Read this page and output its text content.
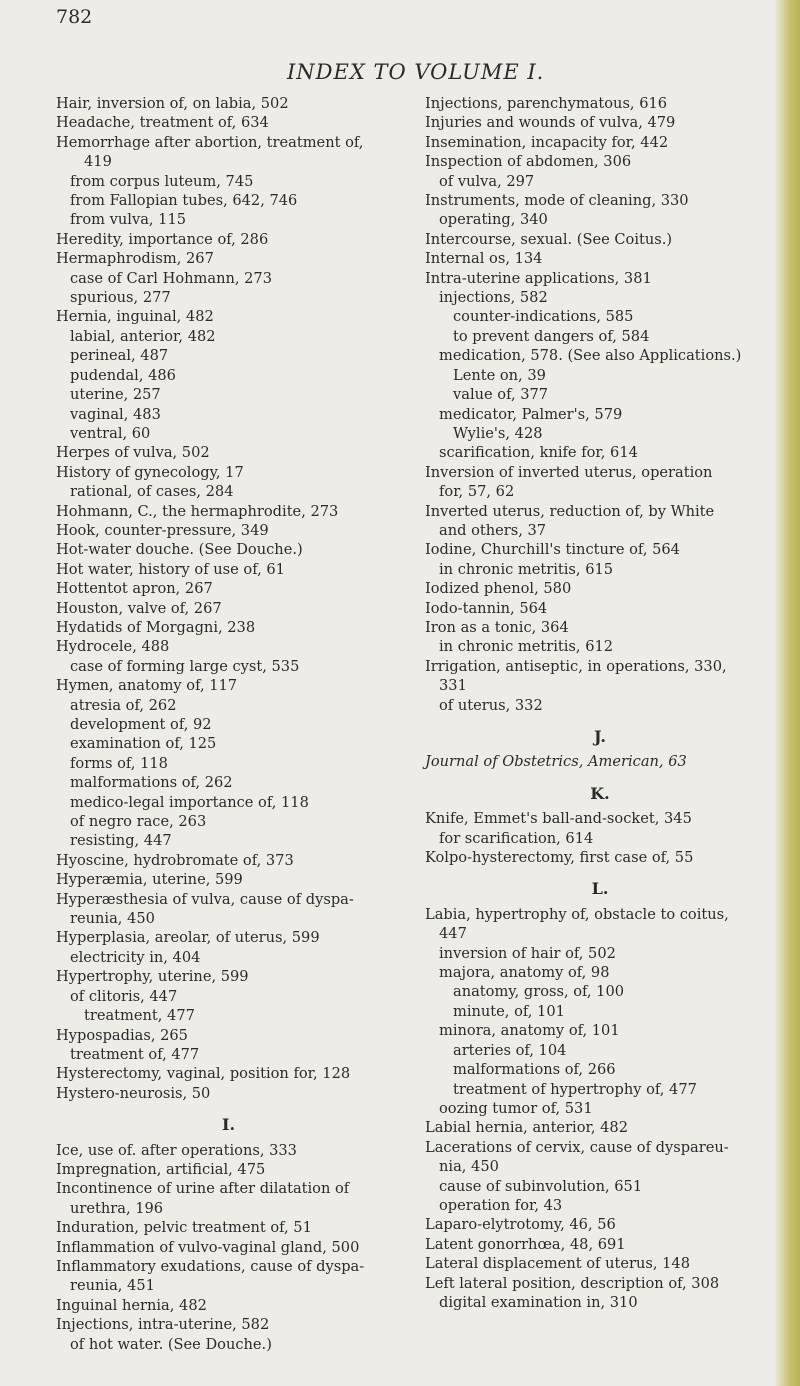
782
INDEX TO VOLUME I.
Hair, inversion of, on labia, 502
Headache, treatment of, 634
Hemorrhage after abortion, treatment of,
419
from corpus luteum, 745
from Fallopian tubes, 642, 746
from vulva, 115
Heredity, importance of, 286
Hermaphrodism, 267
case of Carl Hohmann, 273
spurious, 277
Hernia, inguinal, 482
labial, anterior, 482
perineal, 487
pudendal, 486
uterine, 257
vaginal, 483
ventral, 60
Herpes of vulva, 502
History of gynecology, 17
rational, of cases, 284
Hohmann, C., the hermaphrodite, 273
Hook, counter-pressure, 349
Hot-water douche. (See Douche.)
Hot water, history of use of, 61
Hottentot apron, 267
Houston, valve of, 267
Hydatids of Morgagni, 238
Hydrocele, 488
case of forming large cyst, 535
Hymen, anatomy of, 117
atresia of, 262
development of, 92
examination of, 125
forms of, 118
malformations of, 262
medico-legal importance of, 118
of negro race, 263
resisting, 447
Hyoscine, hydrobromate of, 373
Hyperæmia, uterine, 599
Hyperæsthesia of vulva, cause of dyspa-
reunia, 450
Hyperplasia, areolar, of uterus, 599
electricity in, 404
Hypertrophy, uterine, 599
of clitoris, 447
treatment, 477
Hypospadias, 265
treatment of, 477
Hysterectomy, vaginal, position for, 128
Hystero-neurosis, 50
I.
Ice, use of. after operations, 333
Impregnation, artificial, 475
Incontinence of urine after dilatation of
urethra, 196
Induration, pelvic treatment of, 51
Inflammation of vulvo-vaginal gland, 500
Inflammatory exudations, cause of dyspa-
reunia, 451
Inguinal hernia, 482
Injections, intra-uterine, 582
of hot water. (See Douche.)
Injections, parenchymatous, 616
Injuries and wounds of vulva, 479
Insemination, incapacity for, 442
Inspection of abdomen, 306
of vulva, 297
Instruments, mode of cleaning, 330
operating, 340
Intercourse, sexual. (See Coitus.)
Internal os, 134
Intra-uterine applications, 381
injections, 582
counter-indications, 585
to prevent dangers of, 584
medication, 578. (See also Applications.)
Lente on, 39
value of, 377
medicator, Palmer's, 579
Wylie's, 428
scarification, knife for, 614
Inversion of inverted uterus, operation
for, 57, 62
Inverted uterus, reduction of, by White
and others, 37
Iodine, Churchill's tincture of, 564
in chronic metritis, 615
Iodized phenol, 580
Iodo-tannin, 564
Iron as a tonic, 364
in chronic metritis, 612
Irrigation, antiseptic, in operations, 330,
331
of uterus, 332
J.
Journal of Obstetrics, American, 63
K.
Knife, Emmet's ball-and-socket, 345
for scarification, 614
Kolpo-hysterectomy, first case of, 55
L.
Labia, hypertrophy of, obstacle to coitus,
447
inversion of hair of, 502
majora, anatomy of, 98
anatomy, gross, of, 100
minute, of, 101
minora, anatomy of, 101
arteries of, 104
malformations of, 266
treatment of hypertrophy of, 477
oozing tumor of, 531
Labial hernia, anterior, 482
Lacerations of cervix, cause of dyspareu-
nia, 450
cause of subinvolution, 651
operation for, 43
Laparo-elytrotomy, 46, 56
Latent gonorrhœa, 48, 691
Lateral displacement of uterus, 148
Left lateral position, description of, 308
digital examination in, 310
